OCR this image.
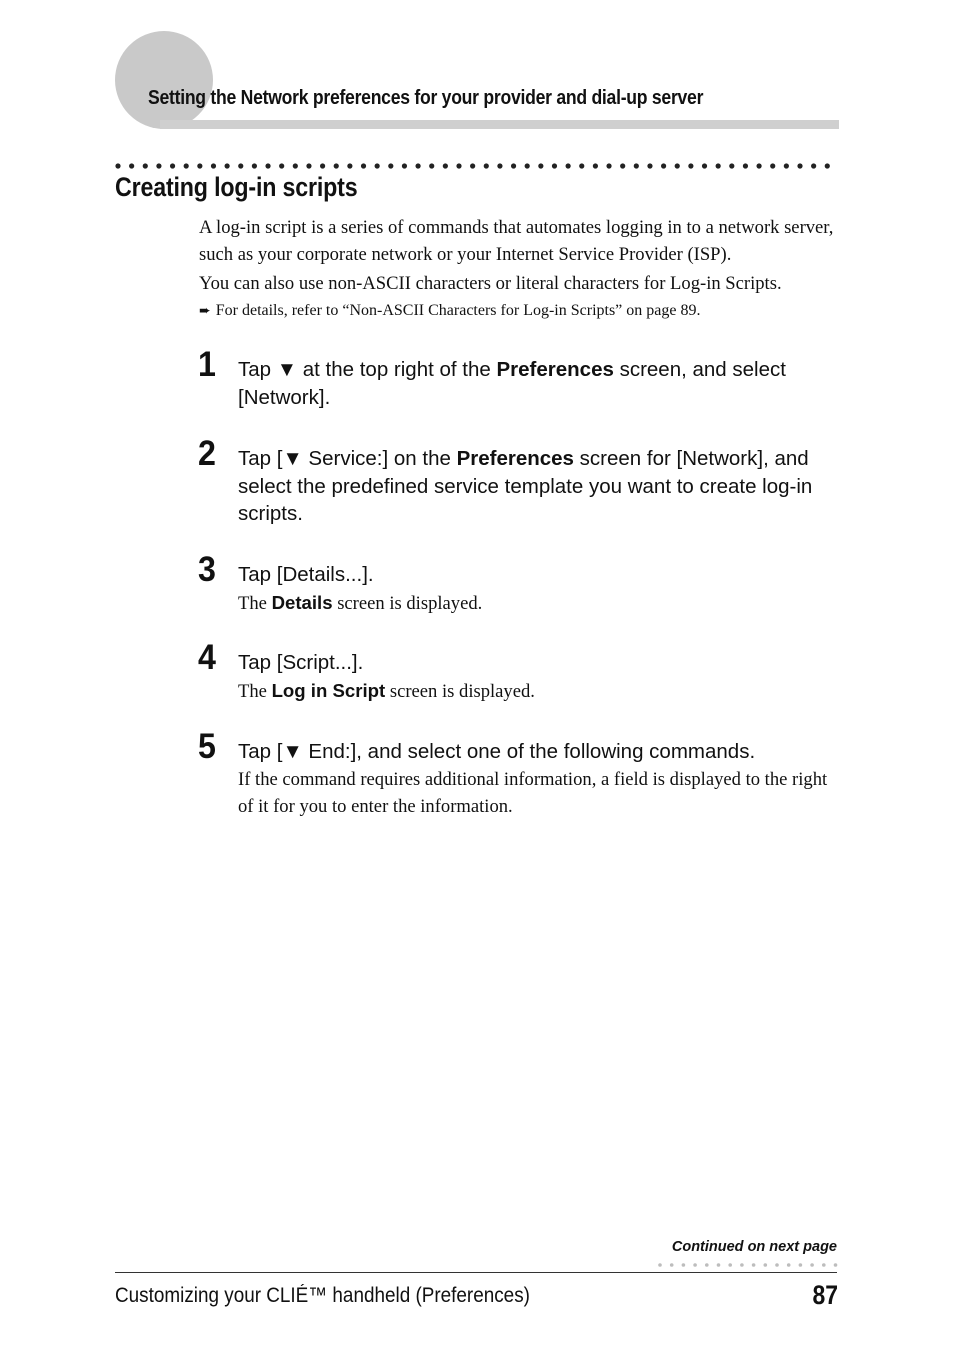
Setting the Network preferences for your provider and dial-up server
Creating log-in scripts

A log-in script is a series of commands that automates logging in to a network server, such as your corporate network or your Internet Service Provider (ISP).

You can also use non-ASCII characters or literal characters for Log-in Scripts.

➨ For details, refer to “Non-ASCII Characters for Log-in Scripts” on page 89.
1 Tap ▼ at the top right of the Preferences screen, and select [Network].
2 Tap [▼ Service:] on the Preferences screen for [Network], and select the predefined service template you want to create log-in scripts.
3 Tap [Details...].
The Details screen is displayed.
4 Tap [Script...].
The Log in Script screen is displayed.
5 Tap [▼ End:], and select one of the following commands.
If the command requires additional information, a field is displayed to the right of it for you to enter the information.
Continued on next page
Customizing your CLIÉ™ handheld (Preferences)	87
